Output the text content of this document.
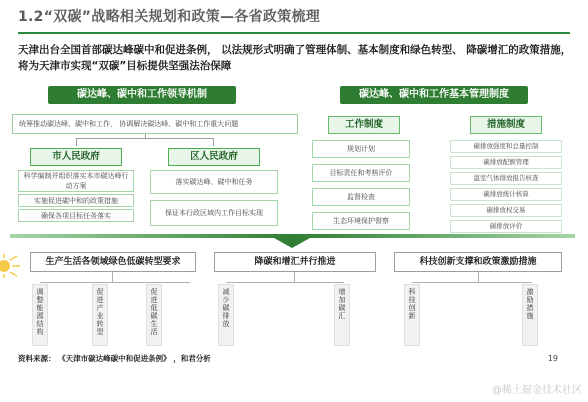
1.2“双碳”战略相关规划和政策—各省政策梳理
天津出台全国首部碳达峰碳中和促进条例， 以法规形式明确了管理体制、基本制度和绿色转型、 降碳增汇的政策措施， 将为天津市实现“双碳”目标提供坚强法治保障
碳达峰、碳中和工作领导机制
统筹推动碳达峰、碳中和工作， 协调解决碳达峰、碳中和工作重大问题
市人民政府
科学编制并组织落实本市碳达峰行动方案
实施促进碳中和的政策措施
确保各项目标任务落实
区人民政府
落实碳达峰、碳中和任务
保证本行政区域内工作目标实现
碳达峰、碳中和工作基本管理制度
工作制度
规划计划
目标责任和考核评价
监督检查
生态环境保护督察
措施制度
碳排放强度和总量控制
碳排放配额管理
温室气体排放报告核查
碳排放统计核算
碳排放权交易
碳排放评价
生产生活各领域绿色低碳转型要求	降碳和增汇并行推进	科技创新支撑和政策激励措施
调整能源结构	促进产业转型	促进低碳生活	减少碳排放	增加碳汇	科技创新	激励措施
资料来源： 《天津市碳达峰碳中和促进条例》 ，和君分析	19
@稀土掘金技术社区
